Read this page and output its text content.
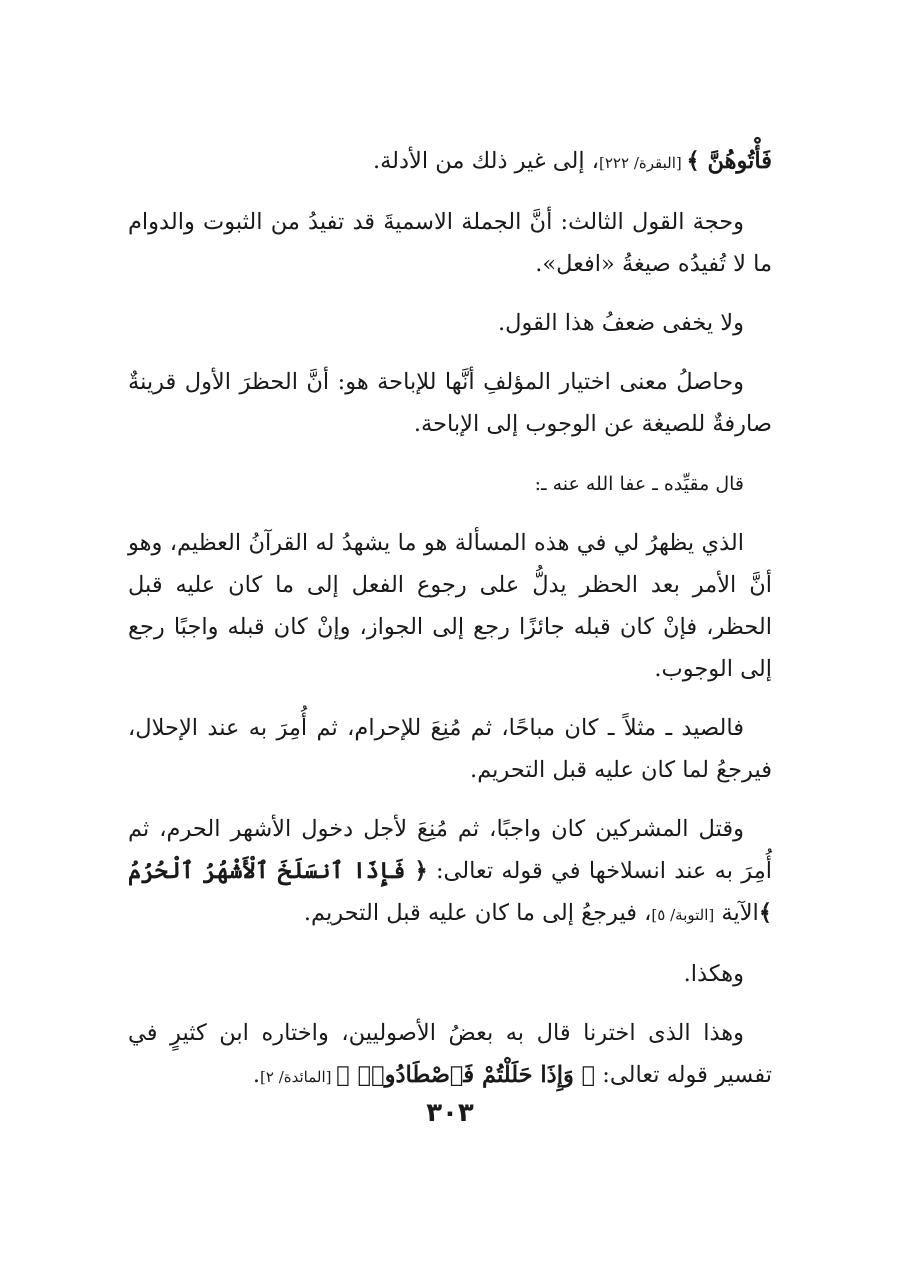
فَأْتُوهُنَّ ﴾ [البقرة/ ٢٢٢]، إلى غير ذلك من الأدلة.

وحجة القول الثالث: أنَّ الجملة الاسميةَ قد تفيدُ من الثبوت والدوام ما لا تُفيدُه صيغةُ «افعل».

ولا يخفى ضعفُ هذا القول.

وحاصلُ معنى اختيار المؤلفِ أنَّها للإباحة هو: أنَّ الحظرَ الأول قرينةٌ صارفةٌ للصيغة عن الوجوب إلى الإباحة.

قال مقيِّده ـ عفا الله عنه ـ:

الذي يظهرُ لي في هذه المسألة هو ما يشهدُ له القرآنُ العظيم، وهو أنَّ الأمر بعد الحظر يدلُّ على رجوع الفعل إلى ما كان عليه قبل الحظر، فإنْ كان قبله جائزًا رجع إلى الجواز، وإنْ كان قبله واجبًا رجع إلى الوجوب.

فالصيد ـ مثلاً ـ كان مباحًا، ثم مُنِعَ للإحرام، ثم أُمِرَ به عند الإحلال، فيرجعُ لما كان عليه قبل التحريم.

وقتل المشركين كان واجبًا، ثم مُنِعَ لأجل دخول الأشهر الحرم، ثم أُمِرَ به عند انسلاخها في قوله تعالى: ﴿ فَإِذَا ٱنسَلَخَ ٱلْأَشْهُرُ ٱلْحُرُمُ ﴾الآية [التوبة/ ٥]، فيرجعُ إلى ما كان عليه قبل التحريم.

وهكذا.

وهذا الذى اخترنا قال به بعضُ الأصوليين، واختاره ابن كثيرٍ في تفسير قوله تعالى: ﴿ وَإِذَا حَلَلْتُمْ فَٱصْطَادُوا۟ ﴾ [المائدة/ ٢].

٣٠٣
